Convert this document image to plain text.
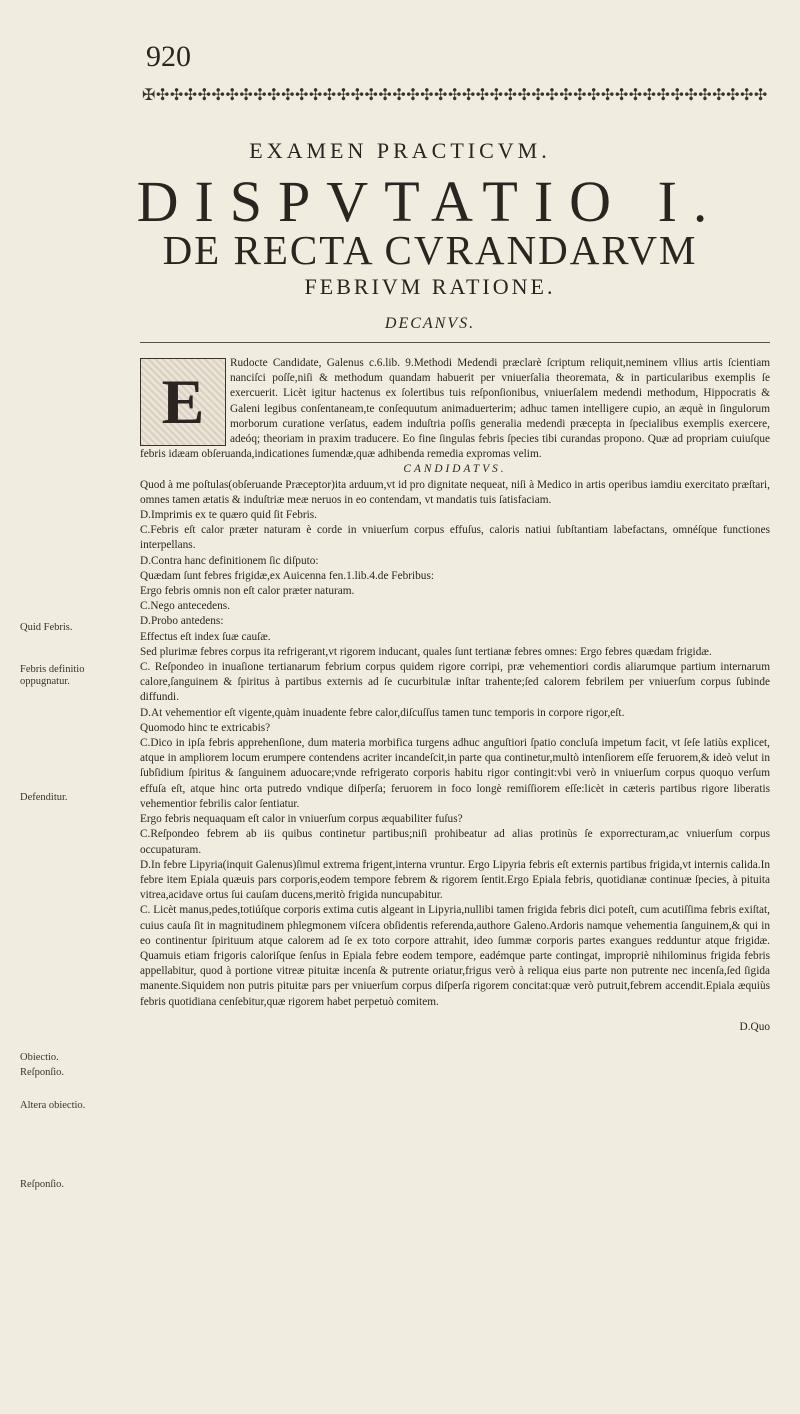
920
✠✣✣✣✣✣✣✣✣✣✣✣✣✣✣✣✣✣✣✣✣✣✣✣✣✣✣✣✣✣✣✣✣✣✣✣✣✣✣✣✣✣✣✣✣
EXAMEN PRACTICVM.
DISPVTATIO I.
DE RECTA CVRANDARVM
FEBRIVM RATIONE.
DECANVS.
E

Rudocte Candidate, Galenus c.6.lib. 9.Methodi Medendi præclarè ſcriptum reliquit,neminem vllius artis ſcientiam nanciſci poſſe,niſi & methodum quandam habuerit per vniuerſalia theoremata, & in particularibus exemplis ſe exercuerit. Licèt igitur hactenus ex ſolertibus tuis reſponſionibus, vniuerſalem medendi methodum, Hippocratis & Galeni legibus conſentaneam,te conſequutum animaduerterim; adhuc tamen intelligere cupio, an æquè in ſingulorum morborum curatione verſatus, eadem induſtria poſſis generalia medendi præcepta in ſpecialibus exemplis exercere, adeóq; theoriam in praxim traducere. Eo fine ſingulas febris ſpecies tibi curandas propono. Quæ ad propriam cuiuſque febris idæam obſeruanda,indicationes ſumendæ,quæ adhibenda remedia expromas velim.

CANDIDATVS.

Quod à me poſtulas(obſeruande Præceptor)ita arduum,vt id pro dignitate nequeat, niſi à Medico in artis operibus iamdiu exercitato præſtari, omnes tamen ætatis & induſtriæ meæ neruos in eo contendam, vt mandatis tuis ſatisfaciam.

D.Imprimis ex te quæro quid ſit Febris.

C.Febris eſt calor præter naturam è corde in vniuerſum corpus effuſus, caloris natiui ſubſtantiam labefactans, omnéſque functiones interpellans.

D.Contra hanc definitionem ſic diſputo:

Quædam ſunt febres frigidæ,ex Auicenna fen.1.lib.4.de Febribus:

Ergo febris omnis non eſt calor præter naturam.

C.Nego antecedens.

D.Probo antedens:

Effectus eſt index ſuæ cauſæ.

Sed plurimæ febres corpus ita refrigerant,vt rigorem inducant, quales ſunt tertianæ febres omnes: Ergo febres quædam frigidæ.

C. Reſpondeo in inuaſione tertianarum febrium corpus quidem rigore corripi, præ vehementiori cordis aliarumque partium internarum calore,ſanguinem & ſpiritus à partibus externis ad ſe cucurbitulæ inſtar trahente;ſed calorem febrilem per vniuerſum corpus ſubinde diffundi.

D.At vehementior eſt vigente,quàm inuadente febre calor,diſcuſſus tamen tunc temporis in corpore rigor,eſt.

Quomodo hinc te extricabis?

C.Dico in ipſa febris apprehenſione, dum materia morbifica turgens adhuc anguſtiori ſpatio concluſa impetum facit, vt ſeſe latiùs explicet, atque in ampliorem locum erumpere contendens acriter incandeſcit,in parte qua continetur,multò intenſiorem eſſe feruorem,& ideò velut in ſubſidium ſpiritus & ſanguinem aduocare;vnde refrigerato corporis habitu rigor contingit:vbi verò in vniuerſum corpus quoquo verſum effuſa eſt, atque hinc orta putredo vndique diſperſa; feruorem in foco longè remiſſiorem eſſe:licèt in cæteris partibus rigore liberatis vehementior febrilis calor ſentiatur.

Ergo febris nequaquam eſt calor in vniuerſum corpus æquabiliter fuſus?

C.Reſpondeo febrem ab iis quibus continetur partibus;niſi prohibeatur ad alias protinùs ſe exporrecturam,ac vniuerſum corpus occupaturam.

D.In febre Lipyria(inquit Galenus)ſimul extrema frigent,interna vruntur. Ergo Lipyria febris eſt externis partibus frigida,vt internis calida.In febre item Epiala quæuis pars corporis,eodem tempore febrem & rigorem ſentit.Ergo Epiala febris, quotidianæ continuæ ſpecies, à pituita vitrea,acidave ortus ſui cauſam ducens,meritò frigida nuncupabitur.

C. Licèt manus,pedes,totiúſque corporis extima cutis algeant in Lipyria,nullibi tamen frigida febris dici poteſt, cum acutiſſima febris exiſtat, cuius cauſa ſit in magnitudinem phlegmonem viſcera obſidentis referenda,authore Galeno.Ardoris namque vehementia ſanguinem,& qui in eo continentur ſpirituum atque calorem ad ſe ex toto corpore attrahit, ideo ſummæ corporis partes exangues redduntur atque frigidæ. Quamuis etiam frigoris caloriſque ſenſus in Epiala febre eodem tempore, eadémque parte contingat, impropriè nihilominus frigida febris appellabitur, quod à portione vitreæ pituitæ incenſa & putrente oriatur,frigus verò à reliqua eius parte non putrente nec incenſa,ſed ſigida manente.Siquidem non putris pituitæ pars per vniuerſum corpus diſperſa rigorem concitat:quæ verò putruit,febrem accendit.Epiala æquiùs febris quotidiana cenſebitur,quæ rigorem habet perpetuò comitem.

D.Quo

Quid Febris.
Febris definitio oppugnatur.
Defenditur.
Obiectio.
Reſponſio.
Altera obiectio.
Reſponſio.
